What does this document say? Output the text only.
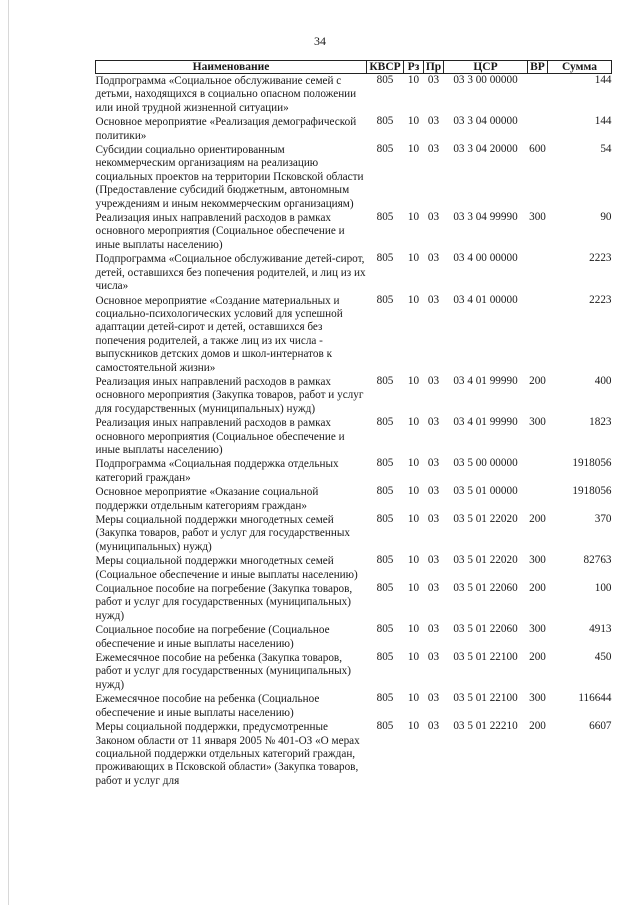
34
Наименование	КВСР	Рз	Пр	ЦСР	ВР	Сумма
Подпрограмма «Социальное обслуживание семей с детьми, находящихся в социально опасном положении или иной трудной жизненной ситуации»	805	10	03	03 3 00 00000		144
Основное мероприятие «Реализация демографической политики»	805	10	03	03 3 04 00000		144
Субсидии социально ориентированным некоммерческим организациям на реализацию социальных проектов на территории Псковской области (Предоставление субсидий бюджетным, автономным учреждениям и иным некоммерческим организациям)	805	10	03	03 3 04 20000	600	54
Реализация иных направлений расходов в рамках основного мероприятия (Социальное обеспечение и иные выплаты населению)	805	10	03	03 3 04 99990	300	90
Подпрограмма «Социальное обслуживание детей-сирот, детей, оставшихся без попечения родителей, и лиц из их числа»	805	10	03	03 4 00 00000		2223
Основное мероприятие «Создание материальных и социально-психологических условий для успешной адаптации детей-сирот и детей, оставшихся без попечения родителей, а также лиц из их числа - выпускников детских домов и школ-интернатов к самостоятельной жизни»	805	10	03	03 4 01 00000		2223
Реализация иных направлений расходов в рамках основного мероприятия (Закупка товаров, работ и услуг для государственных (муниципальных) нужд)	805	10	03	03 4 01 99990	200	400
Реализация иных направлений расходов в рамках основного мероприятия (Социальное обеспечение и иные выплаты населению)	805	10	03	03 4 01 99990	300	1823
Подпрограмма «Социальная поддержка отдельных категорий граждан»	805	10	03	03 5 00 00000		1918056
Основное мероприятие «Оказание социальной поддержки отдельным категориям граждан»	805	10	03	03 5 01 00000		1918056
Меры социальной поддержки многодетных семей (Закупка товаров, работ и услуг для государственных (муниципальных) нужд)	805	10	03	03 5 01 22020	200	370
Меры социальной поддержки многодетных семей (Социальное обеспечение и иные выплаты населению)	805	10	03	03 5 01 22020	300	82763
Социальное пособие на погребение (Закупка товаров, работ и услуг для государственных (муниципальных) нужд)	805	10	03	03 5 01 22060	200	100
Социальное пособие на погребение (Социальное обеспечение и иные выплаты населению)	805	10	03	03 5 01 22060	300	4913
Ежемесячное пособие на ребенка (Закупка товаров, работ и услуг для государственных (муниципальных) нужд)	805	10	03	03 5 01 22100	200	450
Ежемесячное пособие на ребенка (Социальное обеспечение и иные выплаты населению)	805	10	03	03 5 01 22100	300	116644
Меры социальной поддержки, предусмотренные Законом области от 11 января 2005 № 401-ОЗ «О мерах социальной поддержки отдельных категорий граждан, проживающих в Псковской области» (Закупка товаров, работ и услуг для	805	10	03	03 5 01 22210	200	6607
